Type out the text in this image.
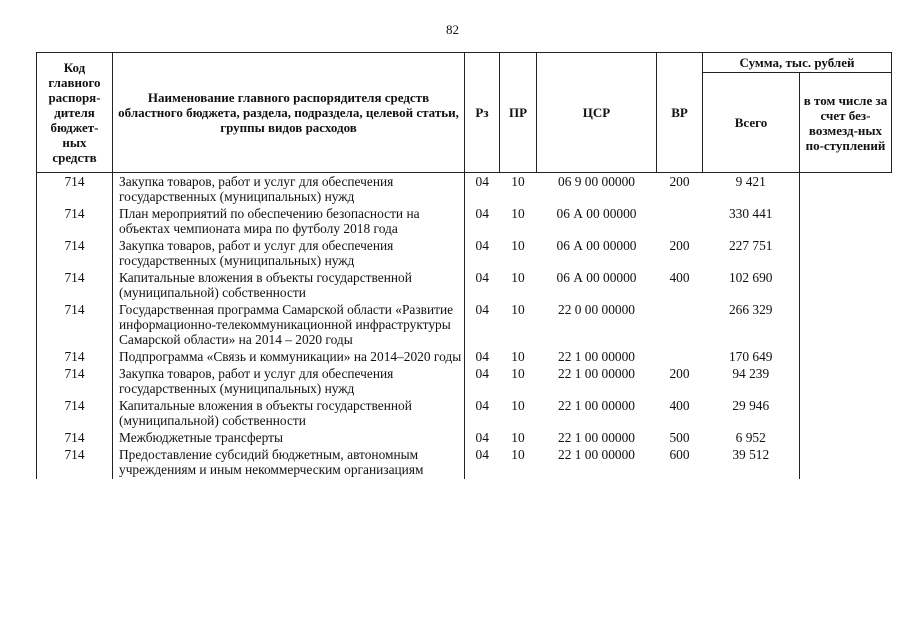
82
Код главного распоря-дителя бюджет-ных средств	Наименование главного распорядителя средств областного бюджета, раздела, подраздела, целевой статьи, группы видов расходов	Рз	ПР	ЦСР	ВР	Сумма, тыс. рублей	
						Всего	в том числе за счет без-возмезд-ных по-ступлений
714	Закупка товаров, работ и услуг для обеспечения государственных (муниципальных) нужд	04	10	06 9 00 00000	200	9 421	
714	План мероприятий по обеспечению безопасности на объектах чемпионата мира по футболу 2018 года	04	10	06 А 00 00000		330 441	
714	Закупка товаров, работ и услуг для обеспечения государственных (муниципальных) нужд	04	10	06 А 00 00000	200	227 751	
714	Капитальные вложения в объекты государственной (муниципальной) собственности	04	10	06 А 00 00000	400	102 690	
714	Государственная программа Самарской области «Развитие информационно-телекоммуникационной инфраструктуры Самарской области» на 2014 – 2020 годы	04	10	22 0 00 00000		266 329	
714	Подпрограмма «Связь и коммуникации» на 2014–2020 годы	04	10	22 1 00 00000		170 649	
714	Закупка товаров, работ и услуг для обеспечения государственных (муниципальных) нужд	04	10	22 1 00 00000	200	94 239	
714	Капитальные вложения в объекты государственной (муниципальной) собственности	04	10	22 1 00 00000	400	29 946	
714	Межбюджетные трансферты	04	10	22 1 00 00000	500	6 952	
714	Предоставление субсидий бюджетным, автономным учреждениям и иным некоммерческим организациям	04	10	22 1 00 00000	600	39 512	
